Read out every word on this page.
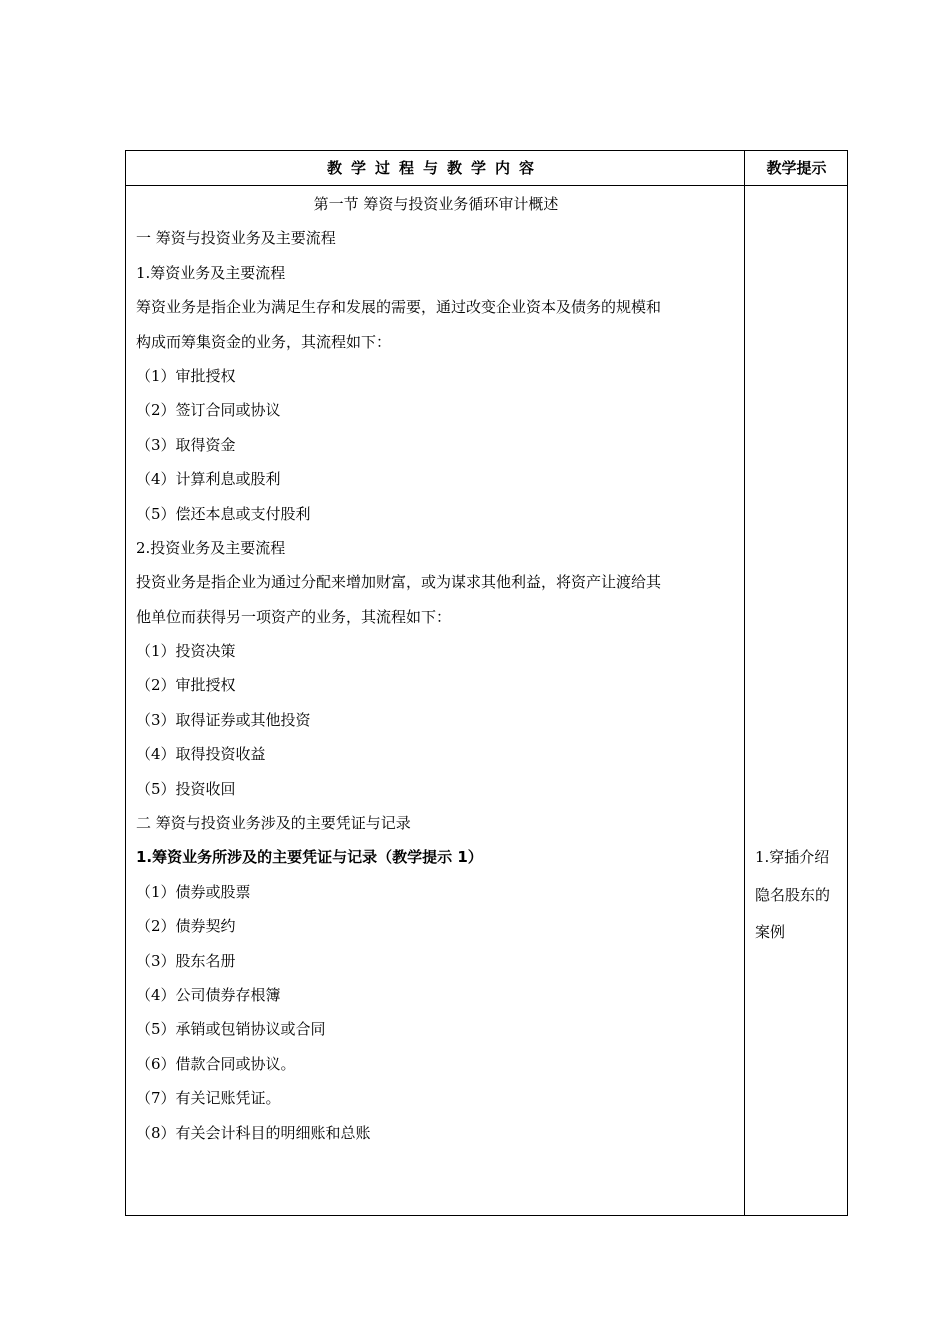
教学过程与教学内容	教学提示
第一节 筹资与投资业务循环审计概述
一 筹资与投资业务及主要流程
1.筹资业务及主要流程
筹资业务是指企业为满足生存和发展的需要，通过改变企业资本及债务的规模和
构成而筹集资金的业务，其流程如下：
（1）审批授权
（2）签订合同或协议
（3）取得资金
（4）计算利息或股利
（5）偿还本息或支付股利
2.投资业务及主要流程
投资业务是指企业为通过分配来增加财富，或为谋求其他利益，将资产让渡给其
他单位而获得另一项资产的业务，其流程如下：
（1）投资决策
（2）审批授权
（3）取得证券或其他投资
（4）取得投资收益
（5）投资收回
二 筹资与投资业务涉及的主要凭证与记录
1.筹资业务所涉及的主要凭证与记录（教学提示 1）
（1）债券或股票
（2）债券契约
（3）股东名册
（4）公司债券存根簿
（5）承销或包销协议或合同
（6）借款合同或协议。
（7）有关记账凭证。
（8）有关会计科目的明细账和总账
1.穿插介绍
隐名股东的
案例
